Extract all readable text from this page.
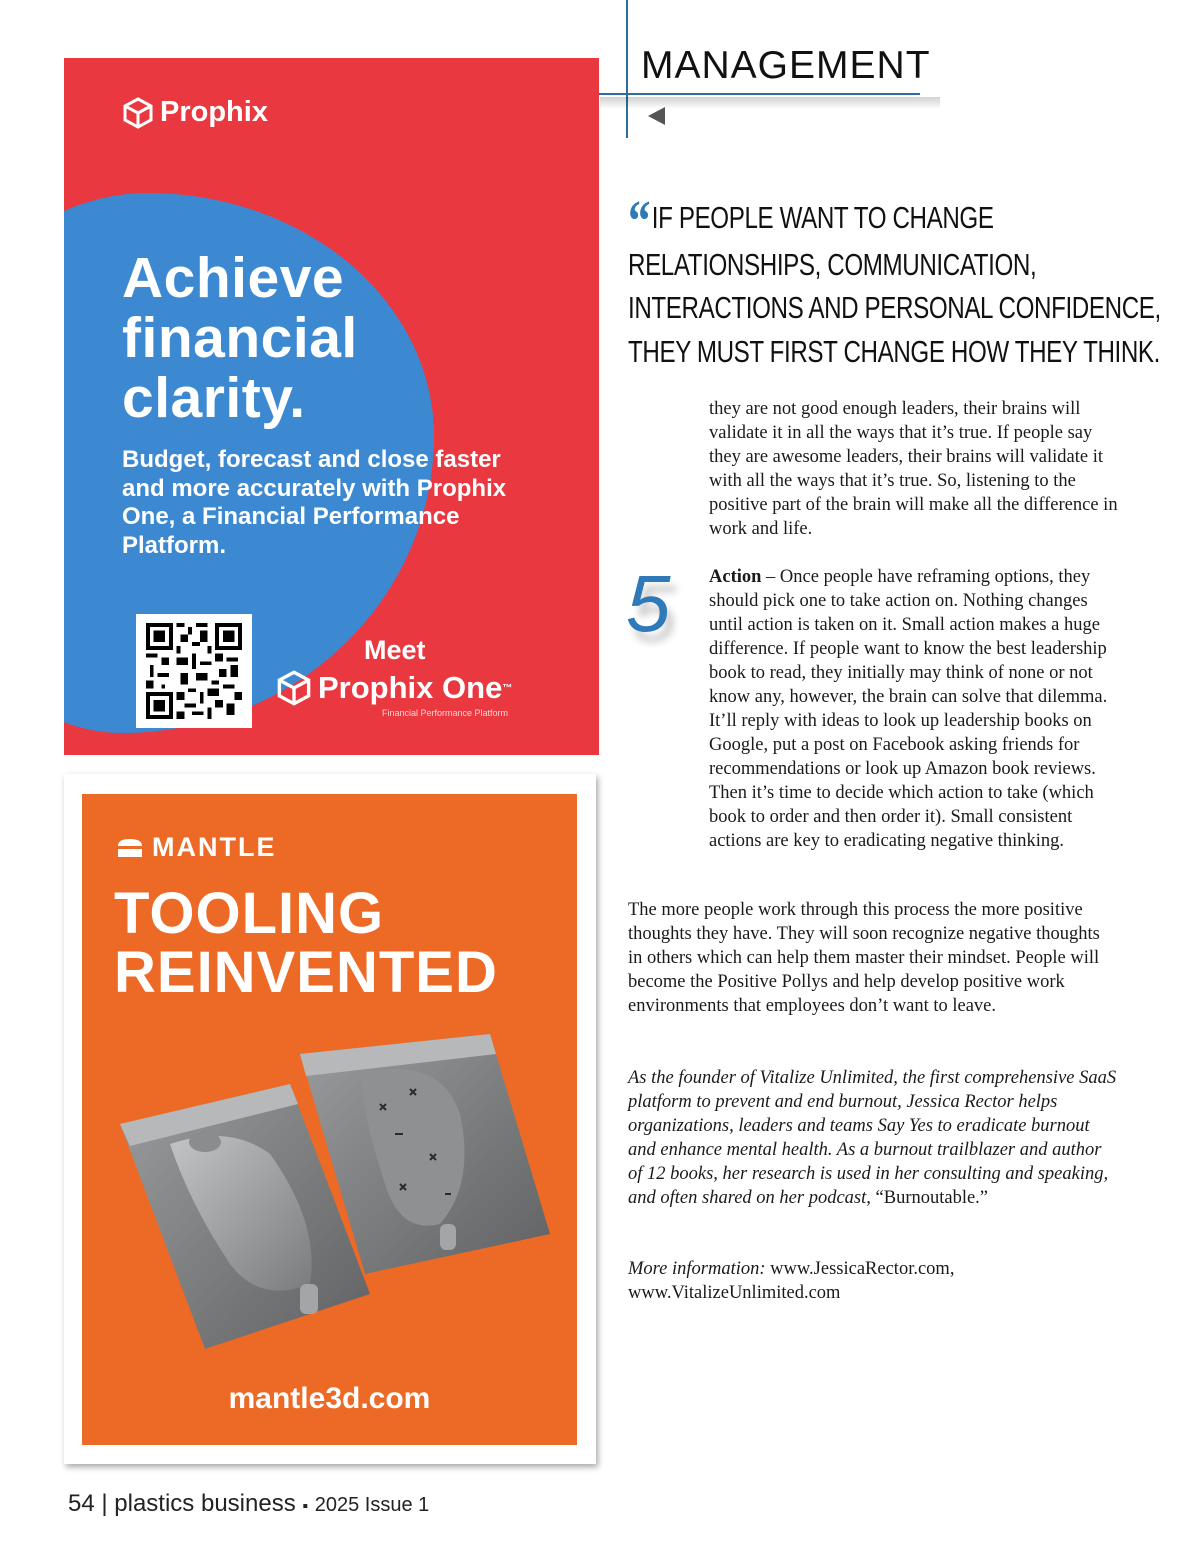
MANAGEMENT
Prophix
Achieve
financial
clarity.
Budget, forecast and close faster and more accurately with Prophix One, a Financial Performance Platform.
Meet
Prophix One ™
Financial Performance Platform
MANTLE
TOOLING
REINVENTED
mantle3d.com
“IF PEOPLE WANT TO CHANGE
RELATIONSHIPS, COMMUNICATION,
INTERACTIONS AND PERSONAL CONFIDENCE,
THEY MUST FIRST CHANGE HOW THEY THINK.
they are not good enough leaders, their brains will validate it in all the ways that it’s true. If people say they are awesome leaders, their brains will validate it with all the ways that it’s true. So, listening to the positive part of the brain will make all the difference in work and life.
5 Action – Once people have reframing options, they should pick one to take action on. Nothing changes until action is taken on it. Small action makes a huge difference. If people want to know the best leadership book to read, they initially may think of none or not know any, however, the brain can solve that dilemma. It’ll reply with ideas to look up leadership books on Google, put a post on Facebook asking friends for recommendations or look up Amazon book reviews. Then it’s time to decide which action to take (which book to order and then order it). Small consistent actions are key to eradicating negative thinking.
The more people work through this process the more positive thoughts they have. They will soon recognize negative thoughts in others which can help them master their mindset. People will become the Positive Pollys and help develop positive work environments that employees don’t want to leave.
As the founder of Vitalize Unlimited, the first comprehensive SaaS platform to prevent and end burnout, Jessica Rector helps organizations, leaders and teams Say Yes to eradicate burnout and enhance mental health. As a burnout trailblazer and author of 12 books, her research is used in her consulting and speaking, and often shared on her podcast, “Burnoutable.”
More information: www.JessicaRector.com, www.VitalizeUnlimited.com
54 | plastics business ▪ 2025 Issue 1
